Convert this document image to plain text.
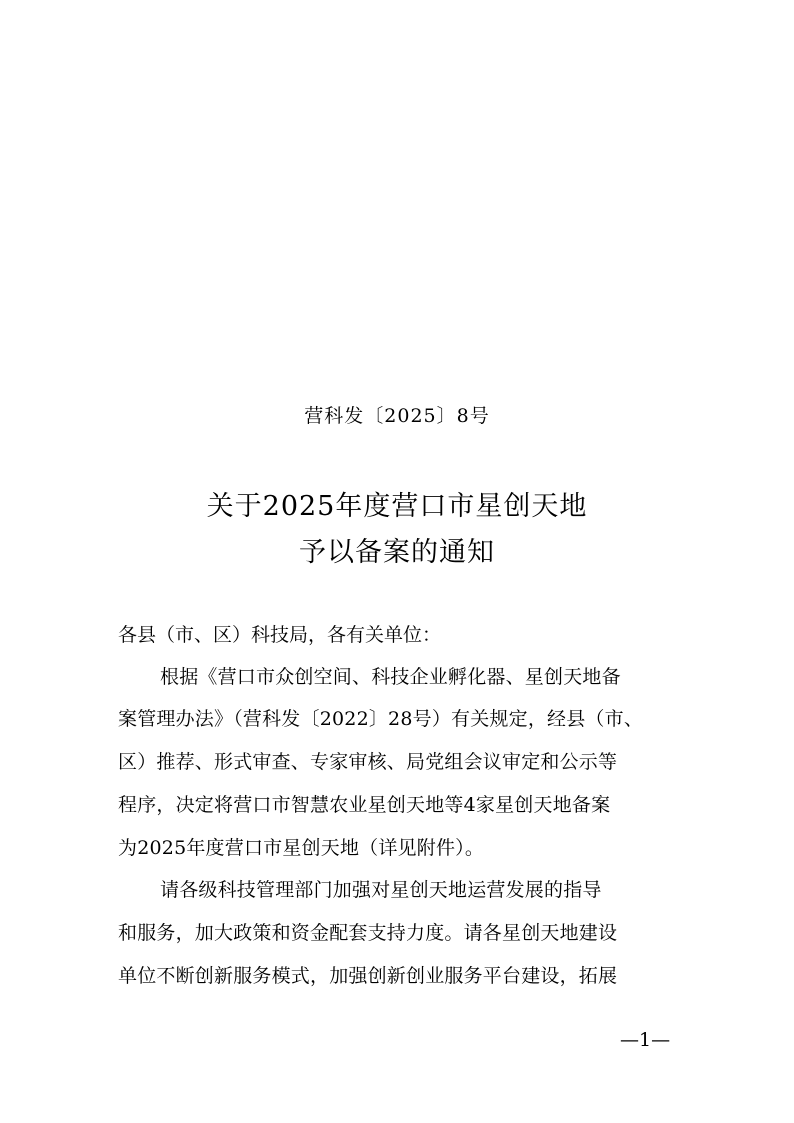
营科发〔2025〕8号
关于2025年度营口市星创天地
予以备案的通知
各县（市、区）科技局，各有关单位：
根据《营口市众创空间、科技企业孵化器、星创天地备
案管理办法》（营科发〔2022〕28号）有关规定，经县（市、
区）推荐、形式审查、专家审核、局党组会议审定和公示等
程序，决定将营口市智慧农业星创天地等4家星创天地备案
为2025年度营口市星创天地（详见附件）。
请各级科技管理部门加强对星创天地运营发展的指导
和服务，加大政策和资金配套支持力度。请各星创天地建设
单位不断创新服务模式，加强创新创业服务平台建设，拓展
—1—
